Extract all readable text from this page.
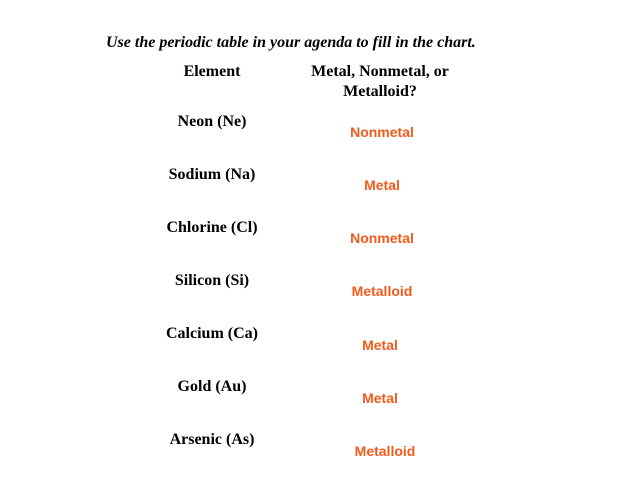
Use the periodic table in your agenda to fill in the chart.
Element	Metal, Nonmetal, or
Metalloid?
Neon (Ne)
Nonmetal
Sodium (Na)
Metal
Chlorine (Cl)
Nonmetal
Silicon (Si)
Metalloid
Calcium (Ca)
Metal
Gold (Au)
Metal
Arsenic (As)
Metalloid
